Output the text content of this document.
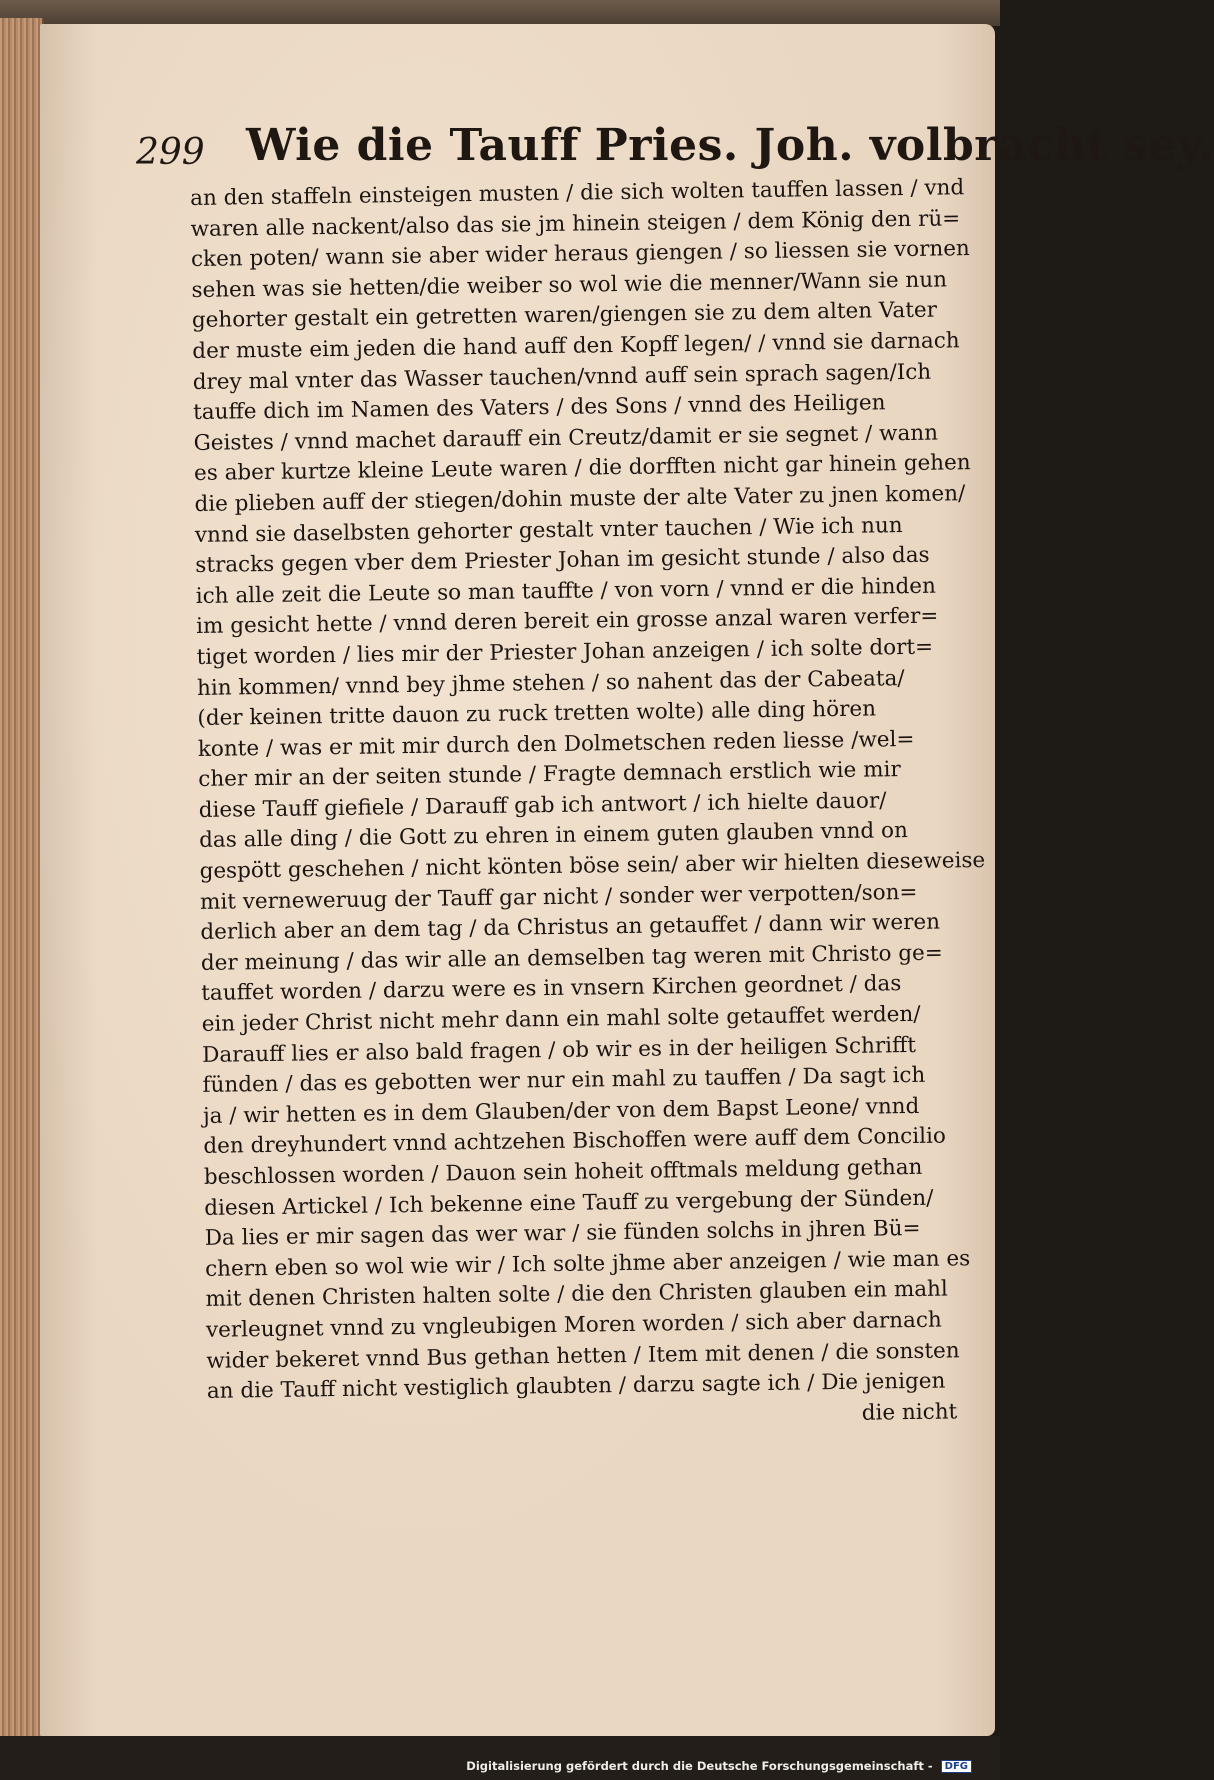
299 Wie die Tauff Pries. Joh. volbracht sey.
an den staffeln einsteigen musten / die sich wolten tauffen lassen / vnd
waren alle nackent/also das sie jm hinein steigen / dem König den rü=
cken poten/ wann sie aber wider heraus giengen / so liessen sie vornen
sehen was sie hetten/die weiber so wol wie die menner/Wann sie nun
gehorter gestalt ein getretten waren/giengen sie zu dem alten Vater
der muste eim jeden die hand auff den Kopff legen/ / vnnd sie darnach
drey mal vnter das Wasser tauchen/vnnd auff sein sprach sagen/Ich
tauffe dich im Namen des Vaters / des Sons / vnnd des Heiligen
Geistes / vnnd machet darauff ein Creutz/damit er sie segnet / wann
es aber kurtze kleine Leute waren / die dorfften nicht gar hinein gehen
die plieben auff der stiegen/dohin muste der alte Vater zu jnen komen/
vnnd sie daselbsten gehorter gestalt vnter tauchen / Wie ich nun
stracks gegen vber dem Priester Johan im gesicht stunde / also das
ich alle zeit die Leute so man tauffte / von vorn / vnnd er die hinden
im gesicht hette / vnnd deren bereit ein grosse anzal waren verfer=
tiget worden / lies mir der Priester Johan anzeigen / ich solte dort=
hin kommen/ vnnd bey jhme stehen / so nahent das der Cabeata/
(der keinen tritte dauon zu ruck tretten wolte) alle ding hören
konte / was er mit mir durch den Dolmetschen reden liesse /wel=
cher mir an der seiten stunde / Fragte demnach erstlich wie mir
diese Tauff giefiele / Darauff gab ich antwort / ich hielte dauor/
das alle ding / die Gott zu ehren in einem guten glauben vnnd on
gespött geschehen / nicht könten böse sein/ aber wir hielten dieseweise
mit verneweruug der Tauff gar nicht / sonder wer verpotten/son=
derlich aber an dem tag / da Christus an getauffet / dann wir weren
der meinung / das wir alle an demselben tag weren mit Christo ge=
tauffet worden / darzu were es in vnsern Kirchen geordnet / das
ein jeder Christ nicht mehr dann ein mahl solte getauffet werden/
Darauff lies er also bald fragen / ob wir es in der heiligen Schrifft
fünden / das es gebotten wer nur ein mahl zu tauffen / Da sagt ich
ja / wir hetten es in dem Glauben/der von dem Bapst Leone/ vnnd
den dreyhundert vnnd achtzehen Bischoffen were auff dem Concilio
beschlossen worden / Dauon sein hoheit offtmals meldung gethan
diesen Artickel / Ich bekenne eine Tauff zu vergebung der Sünden/
Da lies er mir sagen das wer war / sie fünden solchs in jhren Bü=
chern eben so wol wie wir / Ich solte jhme aber anzeigen / wie man es
mit denen Christen halten solte / die den Christen glauben ein mahl
verleugnet vnnd zu vngleubigen Moren worden / sich aber darnach
wider bekeret vnnd Bus gethan hetten / Item mit denen / die sonsten
an die Tauff nicht vestiglich glaubten / darzu sagte ich / Die jenigen
die nicht
Digitalisierung gefördert durch die Deutsche Forschungsgemeinschaft - DFG
